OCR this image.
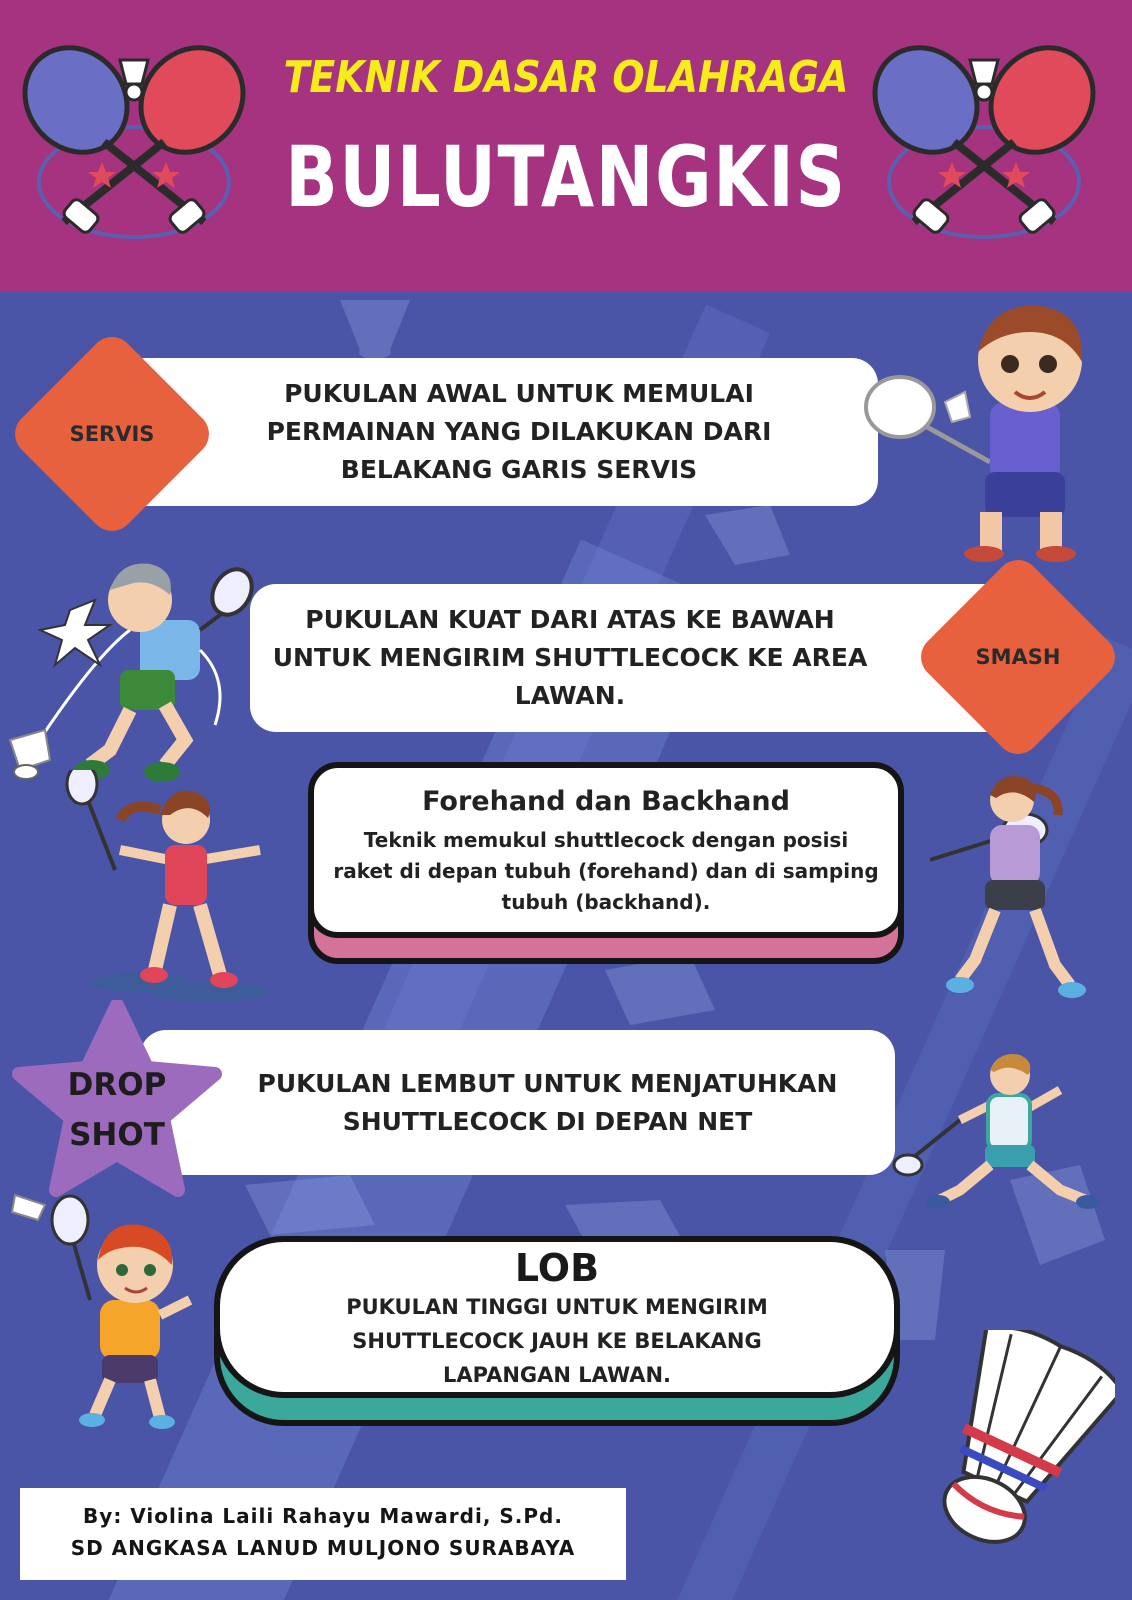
TEKNIK DASAR OLAHRAGA
BULUTANGKIS
PUKULAN AWAL UNTUK MEMULAI
PERMAINAN YANG DILAKUKAN DARI
BELAKANG GARIS SERVIS
SERVIS
PUKULAN KUAT DARI ATAS KE BAWAH
UNTUK MENGIRIM SHUTTLECOCK KE AREA
LAWAN.
SMASH
Forehand dan Backhand
Teknik memukul shuttlecock dengan posisi
raket di depan tubuh (forehand) dan di samping
tubuh (backhand).
PUKULAN LEMBUT UNTUK MENJATUHKAN
SHUTTLECOCK DI DEPAN NET
DROP
SHOT
LOB
PUKULAN TINGGI UNTUK MENGIRIM
SHUTTLECOCK JAUH KE BELAKANG
LAPANGAN LAWAN.
By: Violina Laili Rahayu Mawardi, S.Pd.
SD ANGKASA LANUD MULJONO SURABAYA
